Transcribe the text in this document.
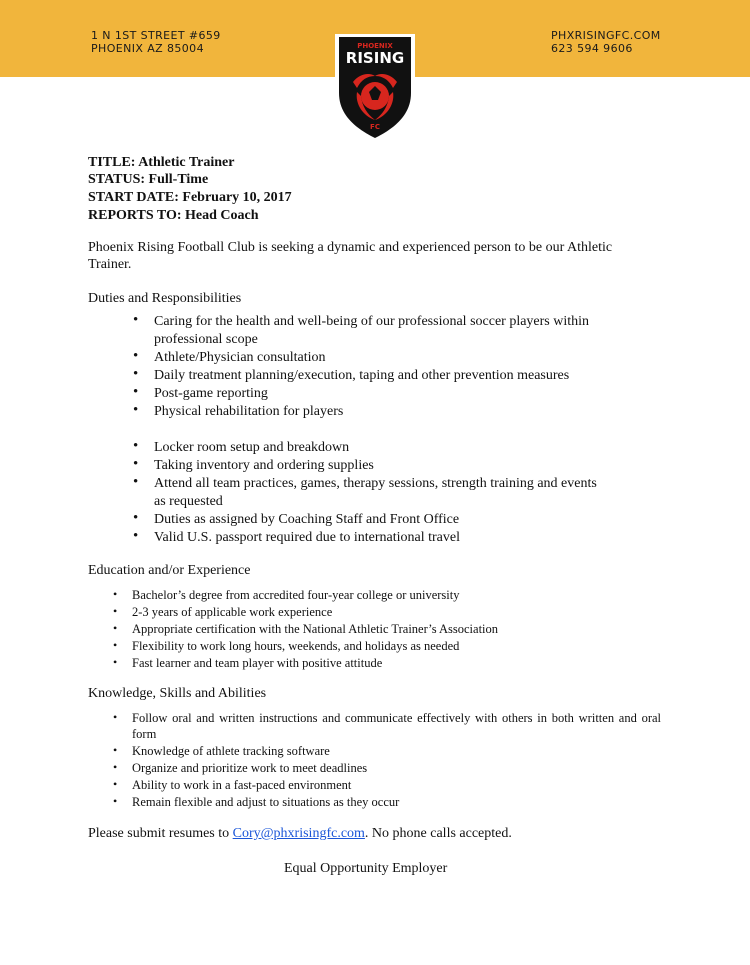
1 N 1ST STREET #659
PHOENIX AZ 85004
PHXRISINGFC.COM
623 594 9606
PHOENIX
RISING
FC
TITLE: Athletic Trainer
STATUS: Full-Time
START DATE: February 10, 2017
REPORTS TO: Head Coach
Phoenix Rising Football Club is seeking a dynamic and experienced person to be our Athletic Trainer.
Duties and Responsibilities
• Caring for the health and well-being of our professional soccer players within
professional scope
• Athlete/Physician consultation
• Daily treatment planning/execution, taping and other prevention measures
• Post-game reporting
• Physical rehabilitation for players
• Locker room setup and breakdown
• Taking inventory and ordering supplies
• Attend all team practices, games, therapy sessions, strength training and events
as requested
• Duties as assigned by Coaching Staff and Front Office
• Valid U.S. passport required due to international travel
Education and/or Experience
• Bachelor’s degree from accredited four-year college or university
• 2-3 years of applicable work experience
• Appropriate certification with the National Athletic Trainer’s Association
• Flexibility to work long hours, weekends, and holidays as needed
• Fast learner and team player with positive attitude
Knowledge, Skills and Abilities
• Follow oral and written instructions and communicate effectively with others in both written and oral form
• Knowledge of athlete tracking software
• Organize and prioritize work to meet deadlines
• Ability to work in a fast-paced environment
• Remain flexible and adjust to situations as they occur
Please submit resumes to Cory@phxrisingfc.com. No phone calls accepted.
Equal Opportunity Employer
